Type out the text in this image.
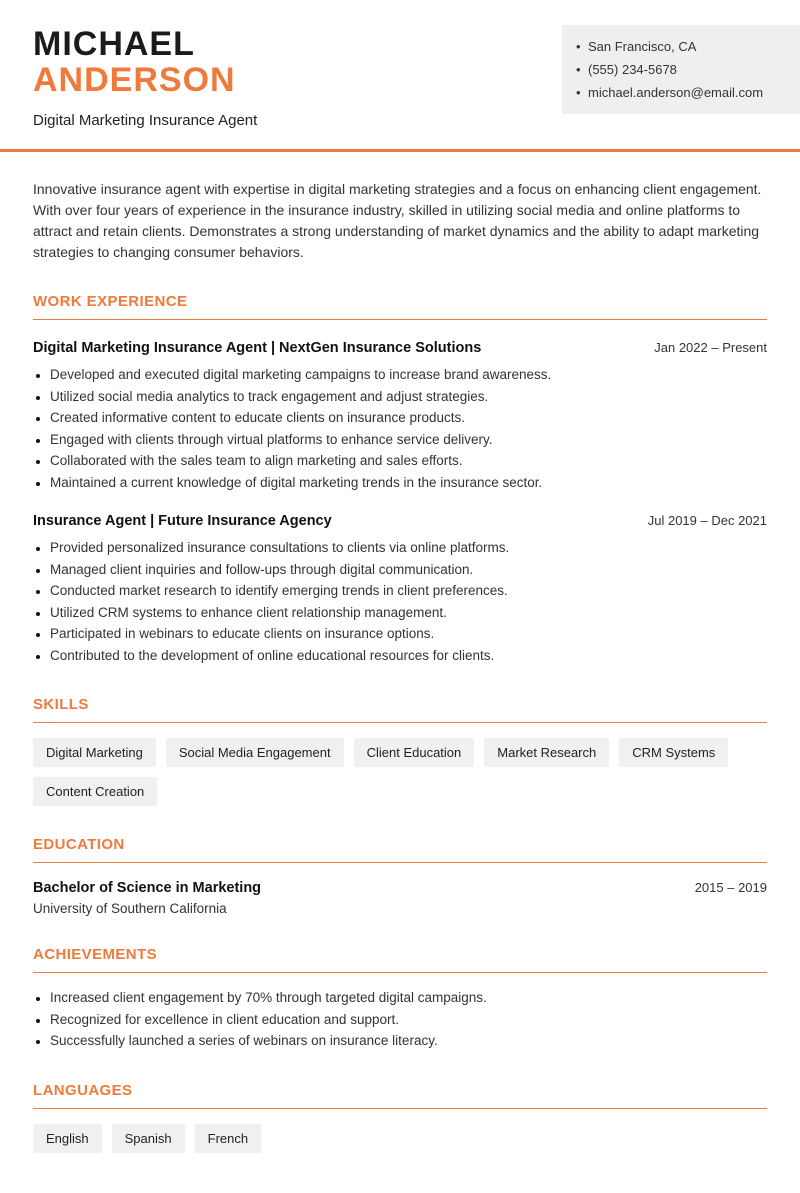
MICHAEL
ANDERSON
Digital Marketing Insurance Agent
• San Francisco, CA
• (555) 234-5678
• michael.anderson@email.com

Innovative insurance agent with expertise in digital marketing strategies and a focus on enhancing client engagement. With over four years of experience in the insurance industry, skilled in utilizing social media and online platforms to attract and retain clients. Demonstrates a strong understanding of market dynamics and the ability to adapt marketing strategies to changing consumer behaviors.

WORK EXPERIENCE
Digital Marketing Insurance Agent | NextGen Insurance Solutions	Jan 2022 – Present
• Developed and executed digital marketing campaigns to increase brand awareness.
• Utilized social media analytics to track engagement and adjust strategies.
• Created informative content to educate clients on insurance products.
• Engaged with clients through virtual platforms to enhance service delivery.
• Collaborated with the sales team to align marketing and sales efforts.
• Maintained a current knowledge of digital marketing trends in the insurance sector.
Insurance Agent | Future Insurance Agency	Jul 2019 – Dec 2021
• Provided personalized insurance consultations to clients via online platforms.
• Managed client inquiries and follow-ups through digital communication.
• Conducted market research to identify emerging trends in client preferences.
• Utilized CRM systems to enhance client relationship management.
• Participated in webinars to educate clients on insurance options.
• Contributed to the development of online educational resources for clients.
SKILLS
Digital Marketing	Social Media Engagement	Client Education	Market Research	CRM Systems
Content Creation
EDUCATION
Bachelor of Science in Marketing	2015 – 2019
University of Southern California
ACHIEVEMENTS
• Increased client engagement by 70% through targeted digital campaigns.
• Recognized for excellence in client education and support.
• Successfully launched a series of webinars on insurance literacy.
LANGUAGES
English	Spanish	French
